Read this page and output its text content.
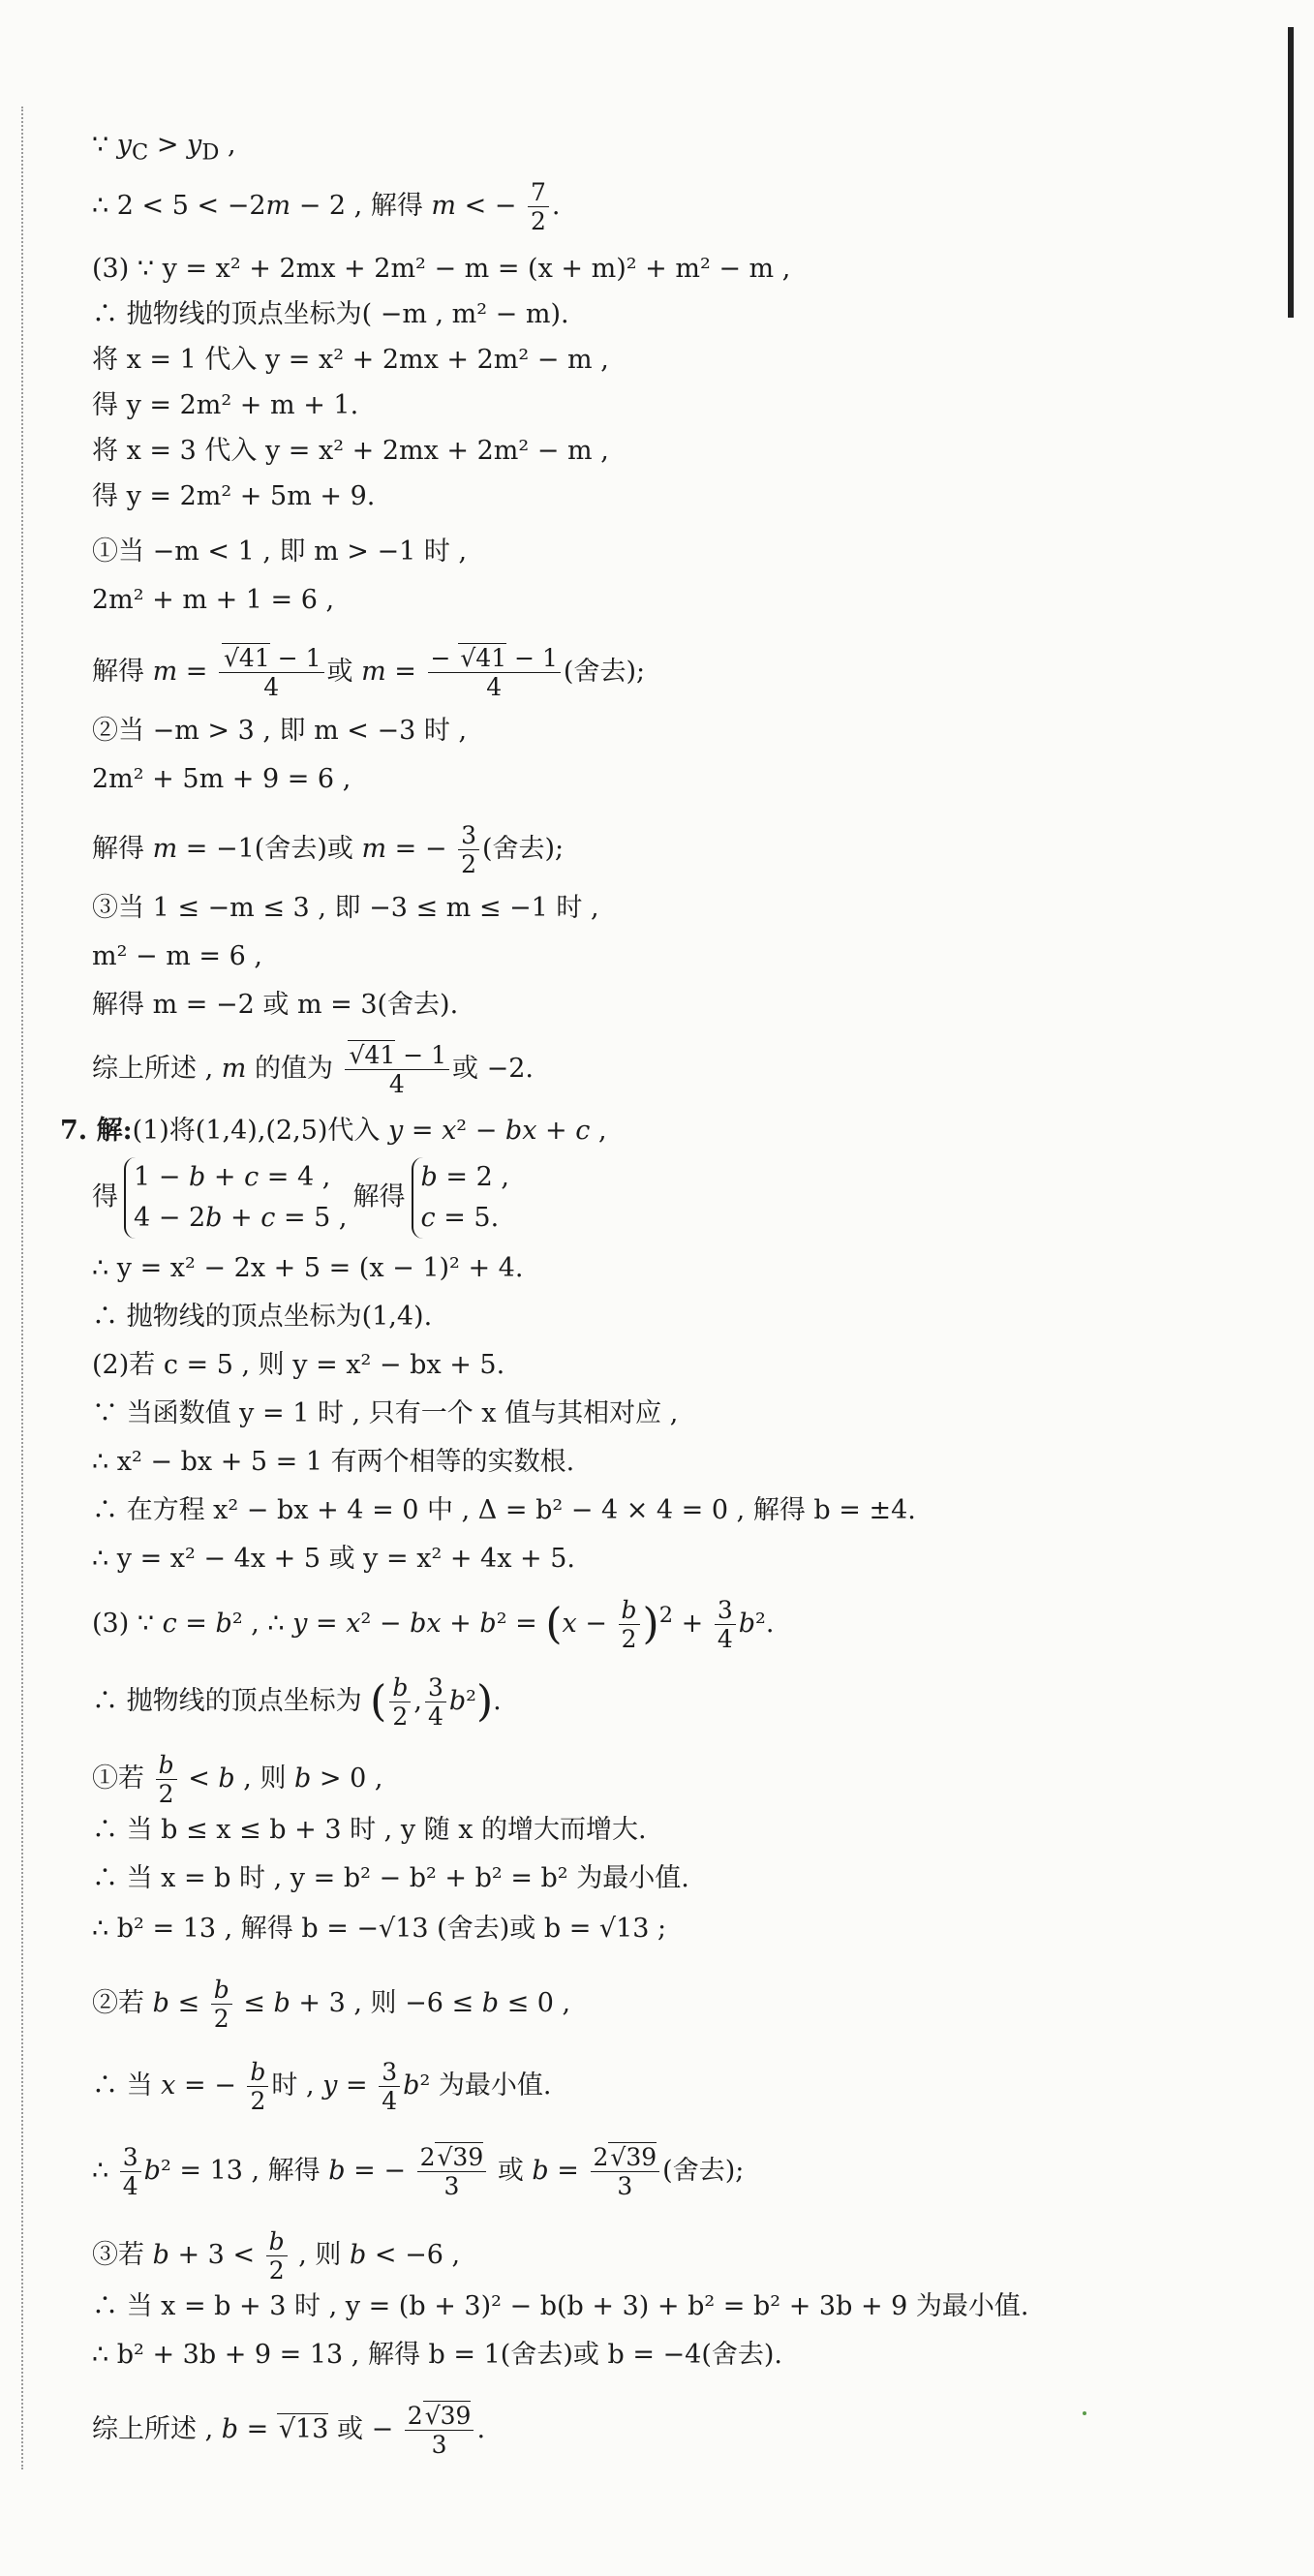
∵ $y_C > y_D$ ,
∴ 2 < 5 < −2m − 2 , 解得 m < − $\frac{7}{2}$ .
(3) ∵ y = x² + 2mx + 2m² − m = (x + m)² + m² − m ,
∴ 抛物线的顶点坐标为( −m , m² − m).
将 x = 1 代入 y = x² + 2mx + 2m² − m ,
得 y = 2m² + m + 1.
将 x = 3 代入 y = x² + 2mx + 2m² − m ,
得 y = 2m² + 5m + 9.
①当 −m < 1 , 即 m > −1 时 ,
2m² + m + 1 = 6 ,
解得 $m = \frac{√41 - 1}{4}$ 或 $m = \frac{- √41 - 1}{4}$ (舍去);
②当 −m > 3 , 即 m < −3 时 ,
2m² + 5m + 9 = 6 ,
解得 m = −1(舍去)或 m = − $\frac{3}{2}$ (舍去);
③当 1 ≤ −m ≤ 3 , 即 −3 ≤ m ≤ −1 时 ,
m² − m = 6 ,
解得 m = −2 或 m = 3(舍去).
综上所述 , m 的值为 $\frac{√41 - 1}{4}$ 或 −2.
7. 解:(1)将(1,4),(2,5)代入 y = x² − bx + c ,
得
1 − b + c = 4 ,
4 − 2b + c = 5 ,
解得
b = 2 ,
c = 5.
∴ y = x² − 2x + 5 = (x − 1)² + 4.
∴ 抛物线的顶点坐标为(1,4).
(2)若 c = 5 , 则 y = x² − bx + 5.
∵ 当函数值 y = 1 时 , 只有一个 x 值与其相对应 ,
∴ x² − bx + 5 = 1 有两个相等的实数根.
∴ 在方程 x² − bx + 4 = 0 中 , Δ = b² − 4 × 4 = 0 , 解得 b = ±4.
∴ y = x² − 4x + 5 或 y = x² + 4x + 5.
(3) ∵ c = b² , ∴ y = x² − bx + $b^2 = (x - \frac{b}{2} )^2 + \frac{3}{4} b^2$.
∴ 抛物线的顶点坐标为 ( $\frac{b}{2}$ , $\frac{3}{4} b^2$).
①若 $\frac{b}{2} < b$ , 则 b > 0 ,
∴ 当 b ≤ x ≤ b + 3 时 , y 随 x 的增大而增大.
∴ 当 x = b 时 , y = b² − b² + b² = b² 为最小值.
∴ b² = 13 , 解得 b = −√13 (舍去)或 b = √13 ;
②若 $b \le \frac{b}{2} \le b + 3$ , 则 −6 ≤ b ≤ 0 ,
∴ 当 x = − $\frac{b}{2}$ 时 , $y = \frac{3}{4} b^2$ 为最小值.
∴ $\frac{3}{4} b^2 = 13$ , 解得 b = − $\frac{2√39}{3}$ 或 $b = \frac{2√39}{3}$ (舍去);
③若 $b + 3 < \frac{b}{2}$ , 则 b < −6 ,
∴ 当 x = b + 3 时 , y = (b + 3)² − b(b + 3) + b² = b² + 3b + 9 为最小值.
∴ b² + 3b + 9 = 13 , 解得 b = 1(舍去)或 b = −4(舍去).
综上所述 , b = √13 或 − $\frac{2√39}{3}$ .
